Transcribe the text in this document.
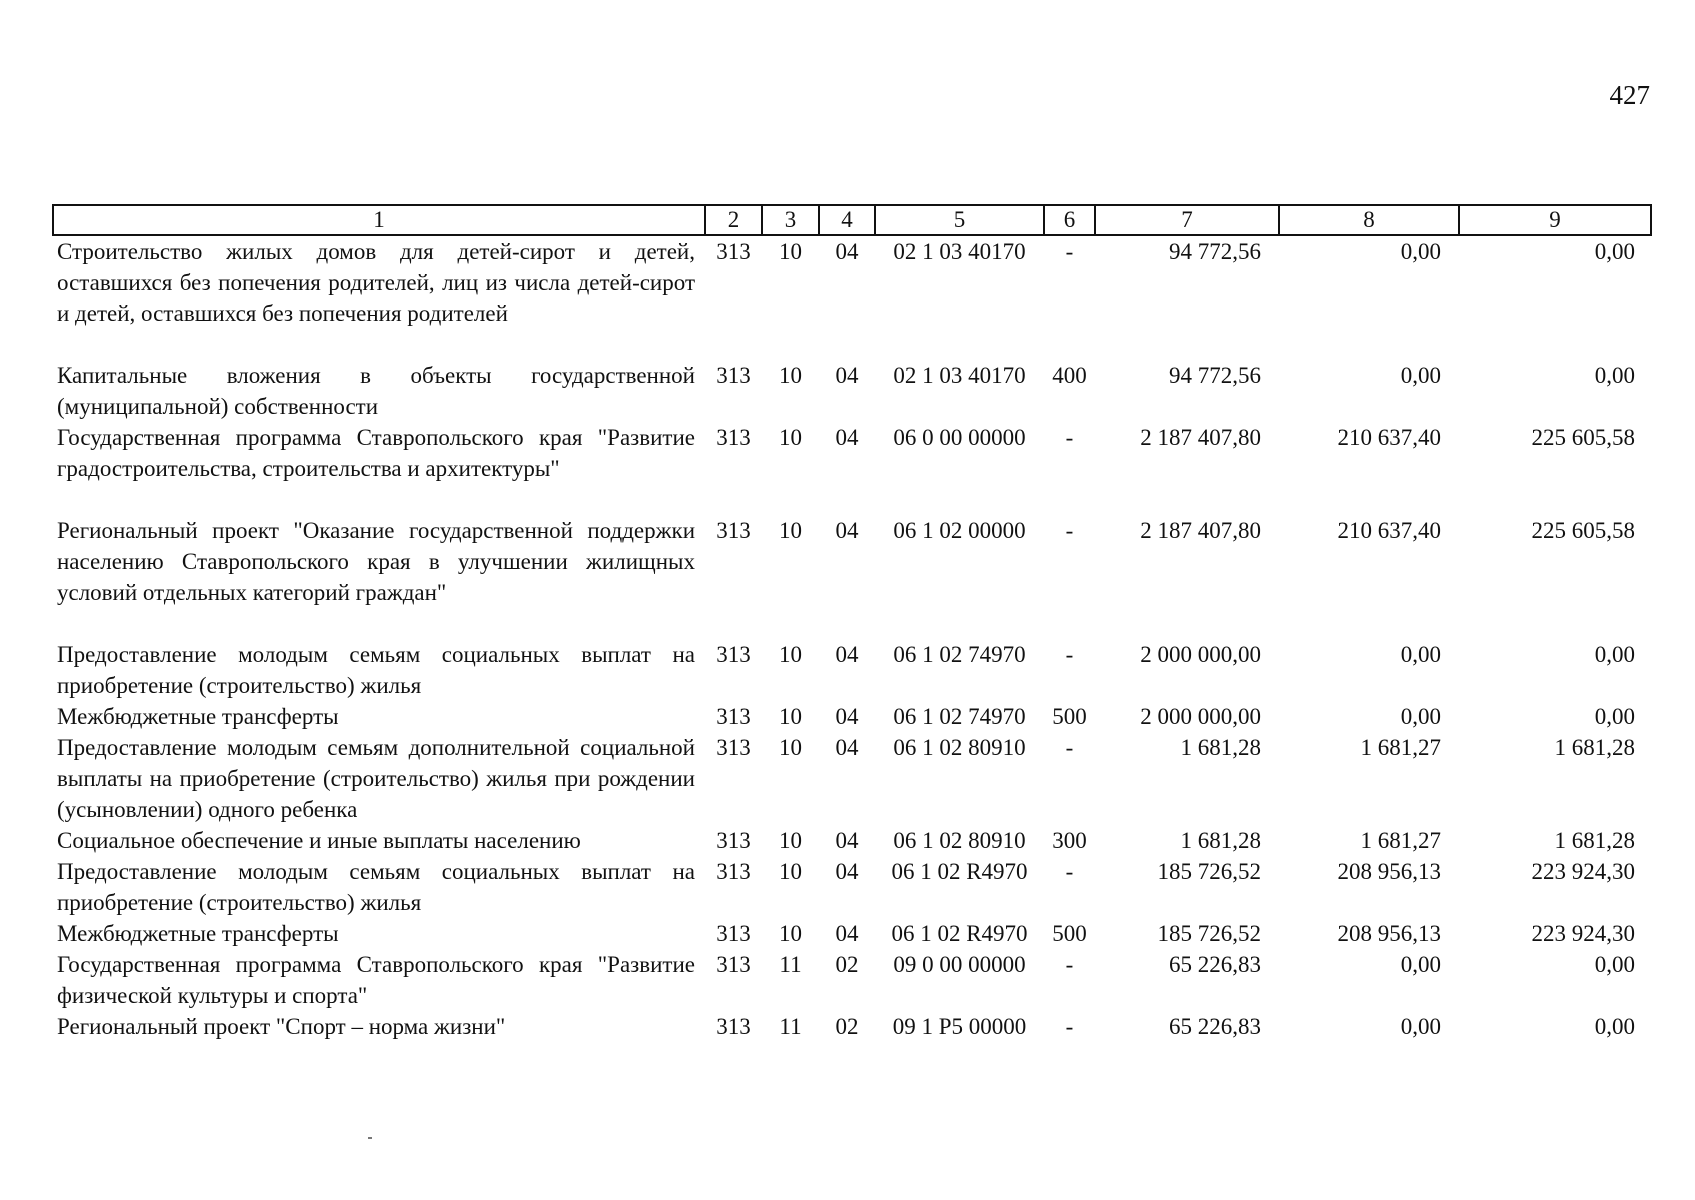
427
1	2	3	4	5	6	7	8	9
Строительство жилых домов для детей-сирот и детей, оставшихся без попечения родителей, лиц из числа детей-сирот и детей, оставшихся без попечения родителей	313	10	04	02 1 03 40170	-	94 772,56	0,00	0,00
Капитальные вложения в объекты государственной (муниципальной) собственности	313	10	04	02 1 03 40170	400	94 772,56	0,00	0,00
Государственная программа Ставропольского края "Развитие градостроительства, строительства и архитектуры"	313	10	04	06 0 00 00000	-	2 187 407,80	210 637,40	225 605,58
Региональный проект "Оказание государственной поддержки населению Ставропольского края в улучшении жилищных условий отдельных категорий граждан"	313	10	04	06 1 02 00000	-	2 187 407,80	210 637,40	225 605,58
Предоставление молодым семьям социальных выплат на приобретение (строительство) жилья	313	10	04	06 1 02 74970	-	2 000 000,00	0,00	0,00
Межбюджетные трансферты	313	10	04	06 1 02 74970	500	2 000 000,00	0,00	0,00
Предоставление молодым семьям дополнительной социальной выплаты на приобретение (строительство) жилья при рождении (усыновлении) одного ребенка	313	10	04	06 1 02 80910	-	1 681,28	1 681,27	1 681,28
Социальное обеспечение и иные выплаты населению	313	10	04	06 1 02 80910	300	1 681,28	1 681,27	1 681,28
Предоставление молодым семьям социальных выплат на приобретение (строительство) жилья	313	10	04	06 1 02 R4970	-	185 726,52	208 956,13	223 924,30
Межбюджетные трансферты	313	10	04	06 1 02 R4970	500	185 726,52	208 956,13	223 924,30
Государственная программа Ставропольского края "Развитие физической культуры и спорта"	313	11	02	09 0 00 00000	-	65 226,83	0,00	0,00
Региональный проект "Спорт – норма жизни"	313	11	02	09 1 P5 00000	-	65 226,83	0,00	0,00
